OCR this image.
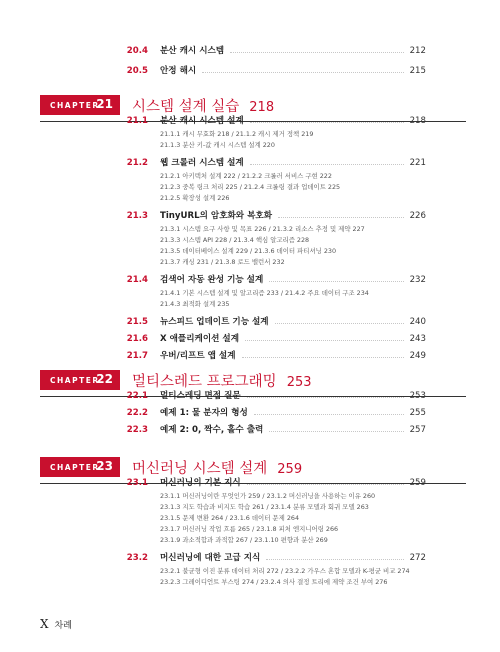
20.4 분산 캐시 시스템	212
20.5 안정 해시	215
CHAPTER
21 시스템 설계 실습 218
21.1 분산 캐시 시스템 설계	218
21.1.1 캐시 무효화 218 / 21.1.2 캐시 제거 정책 219
21.1.3 분산 키-값 캐시 시스템 설계 220
21.2 웹 크롤러 시스템 설계	221
21.2.1 아키텍처 설계 222 / 21.2.2 크롤러 서비스 구현 222
21.2.3 중복 링크 처리 225 / 21.2.4 크롤링 결과 업데이트 225
21.2.5 확장성 설계 226
21.3 TinyURL의 암호화와 복호화	226
21.3.1 시스템 요구 사항 및 목표 226 / 21.3.2 리소스 추정 및 제약 227
21.3.3 시스템 API 228 / 21.3.4 핵심 알고리즘 228
21.3.5 데이터베이스 설계 229 / 21.3.6 데이터 파티셔닝 230
21.3.7 캐싱 231 / 21.3.8 로드 밸런서 232
21.4 검색어 자동 완성 기능 설계	232
21.4.1 기본 시스템 설계 및 알고리즘 233 / 21.4.2 주요 데이터 구조 234
21.4.3 최적화 설계 235
21.5 뉴스피드 업데이트 기능 설계	240
21.6 X 애플리케이션 설계	243
21.7 우버/리프트 앱 설계	249
CHAPTER
22 멀티스레드 프로그래밍 253
22.1 멀티스레딩 면접 질문	253
22.2 예제 1: 물 분자의 형성	255
22.3 예제 2: 0, 짝수, 홀수 출력	257
CHAPTER
23 머신러닝 시스템 설계 259
23.1 머신러닝의 기본 지식	259
23.1.1 머신러닝이란 무엇인가 259 / 23.1.2 머신러닝을 사용하는 이유 260
23.1.3 지도 학습과 비지도 학습 261 / 23.1.4 분류 모델과 회귀 모델 263
23.1.5 문제 변환 264 / 23.1.6 데이터 문제 264
23.1.7 머신러닝 작업 흐름 265 / 23.1.8 피처 엔지니어링 266
23.1.9 과소적합과 과적합 267 / 23.1.10 편향과 분산 269
23.2 머신러닝에 대한 고급 지식	272
23.2.1 불균형 이진 분류 데이터 처리 272 / 23.2.2 가우스 혼합 모델과 K-평균 비교 274
23.2.3 그레이디언트 부스팅 274 / 23.2.4 의사 결정 트리에 제약 조건 부여 276
X 차례
